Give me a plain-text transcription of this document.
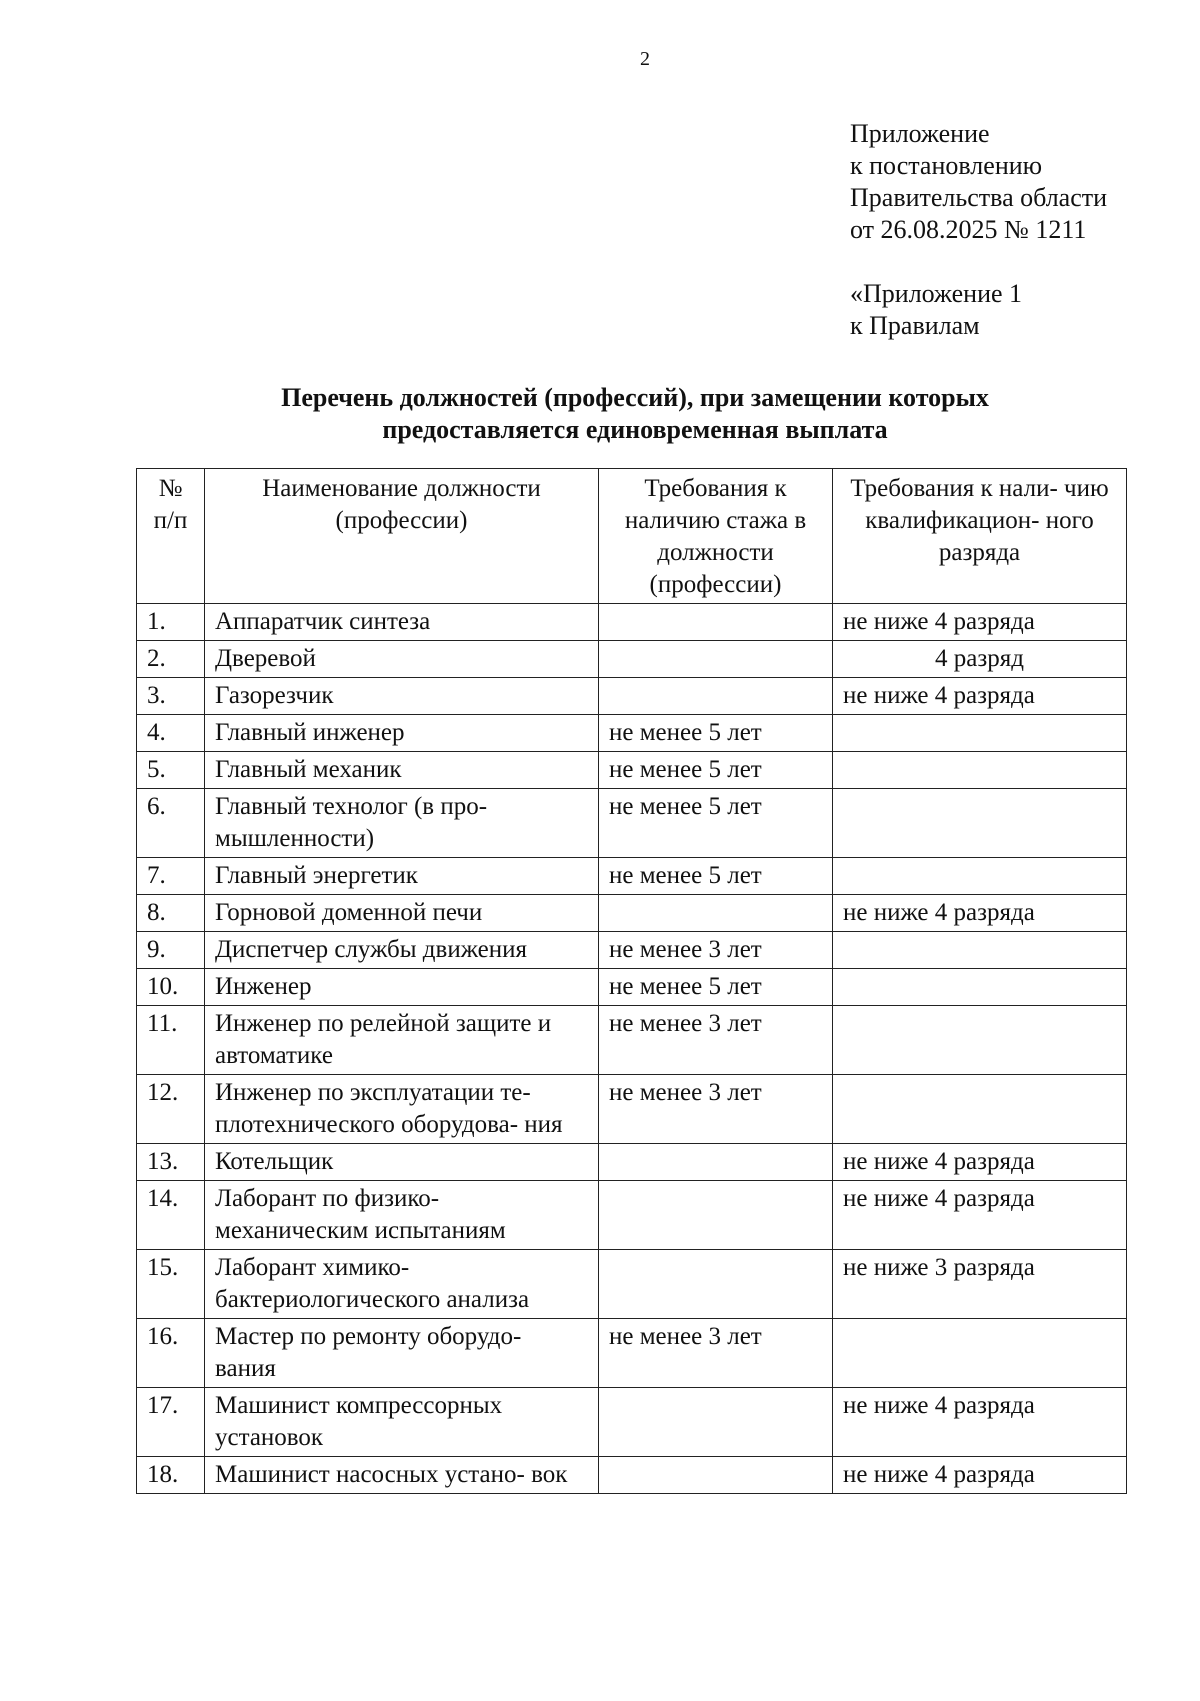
2
Приложение
к постановлению
Правительства области
от 26.08.2025 № 1211
«Приложение 1
к Правилам
Перечень должностей (профессий), при замещении которых
предоставляется единовременная выплата
№ п/п	Наименование должности (профессии)	Требования к наличию стажа в должности (профессии)	Требования к нали- чию квалификацион- ного разряда
1.	Аппаратчик синтеза		не ниже 4 разряда
2.	Дверевой		4 разряд
3.	Газорезчик		не ниже 4 разряда
4.	Главный инженер	не менее 5 лет	
5.	Главный механик	не менее 5 лет	
6.	Главный технолог (в про- мышленности)	не менее 5 лет	
7.	Главный энергетик	не менее 5 лет	
8.	Горновой доменной печи		не ниже 4 разряда
9.	Диспетчер службы движения	не менее 3 лет	
10.	Инженер	не менее 5 лет	
11.	Инженер по релейной защите и автоматике	не менее 3 лет	
12.	Инженер по эксплуатации те- плотехнического оборудова- ния	не менее 3 лет	
13.	Котельщик		не ниже 4 разряда
14.	Лаборант по физико- механическим испытаниям		не ниже 4 разряда
15.	Лаборант химико- бактериологического анализа		не ниже 3 разряда
16.	Мастер по ремонту оборудо- вания	не менее 3 лет	
17.	Машинист компрессорных установок		не ниже 4 разряда
18.	Машинист насосных устано- вок		не ниже 4 разряда
